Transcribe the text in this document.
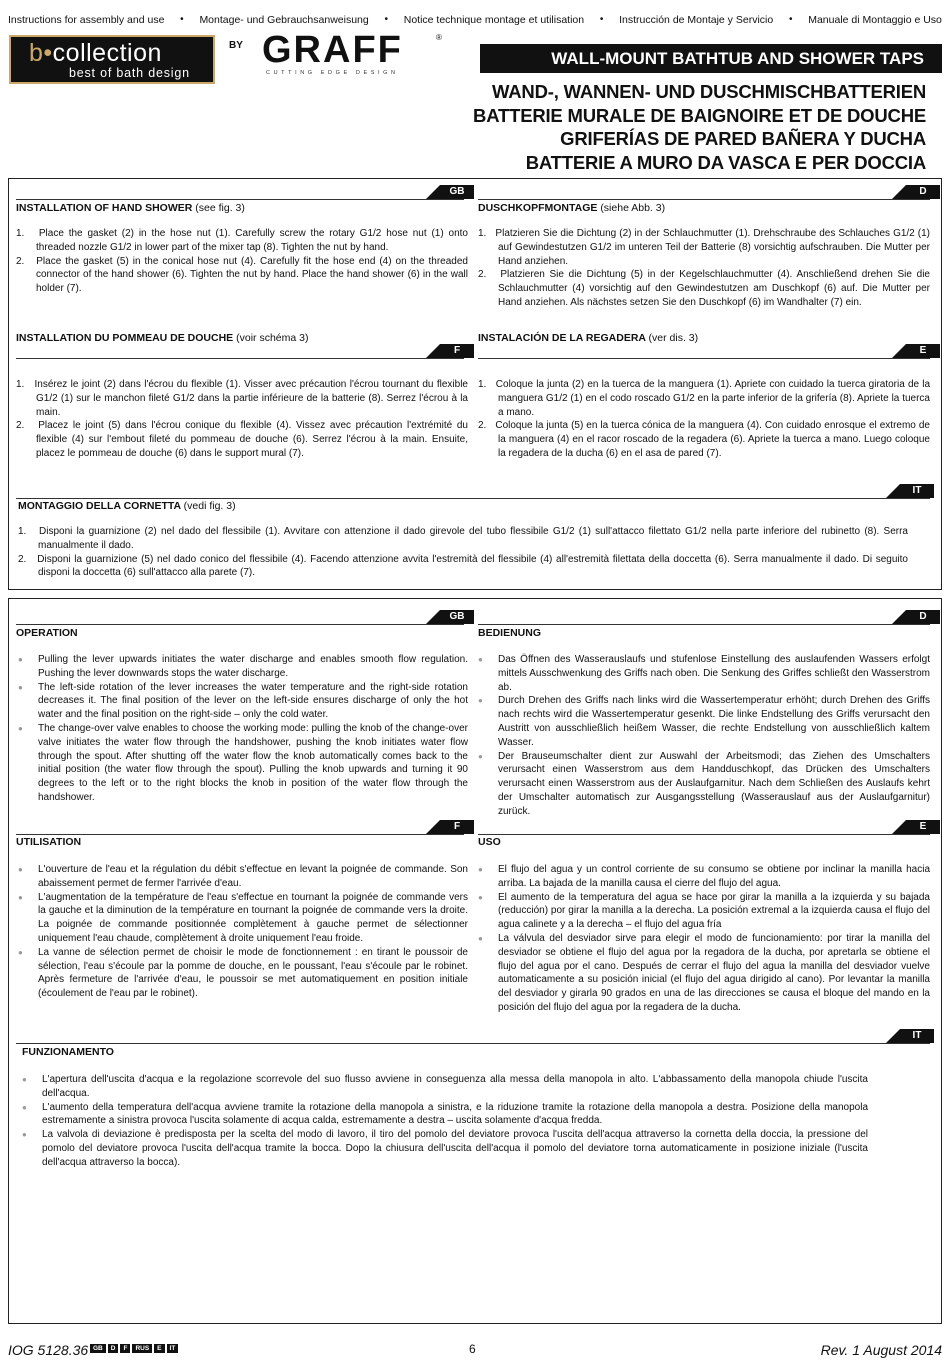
Instructions for assembly and use • Montage- und Gebrauchsanweisung • Notice technique montage et utilisation • Instrucción de Montaje y Servicio • Manuale di Montaggio e Uso
b•collection
best of bath design
BY GRAFF	®
CUTTING EDGE DESIGN
WALL-MOUNT BATHTUB AND SHOWER TAPS
WAND-, WANNEN- UND DUSCHMISCHBATTERIEN
BATTERIE MURALE DE BAIGNOIRE ET DE DOUCHE
GRIFERÍAS DE PARED BAÑERA Y DUCHA
BATTERIE A MURO DA VASCA E PER DOCCIA
GB
INSTALLATION OF HAND SHOWER (see fig. 3)

1.   Place the gasket (2) in the hose nut (1). Carefully screw the rotary G1/2 hose nut (1) onto threaded nozzle G1/2 in lower part of the mixer tap (8). Tighten the nut by hand.

2.   Place the gasket (5) in the conical hose nut (4). Carefully fit the hose end (4) on the threaded connector of the hand shower (6). Tighten the nut by hand. Place the hand shower (6) in the wall holder (7).

D
DUSCHKOPFMONTAGE (siehe Abb. 3)

1.   Platzieren Sie die Dichtung (2) in der Schlauchmutter (1). Drehschraube des Schlauches G1/2 (1) auf Gewindestutzen G1/2 im unteren Teil der Batterie (8) vorsichtig aufschrauben. Die Mutter per Hand anziehen.

2.   Platzieren Sie die Dichtung (5) in der Kegelschlauchmutter (4). Anschließend drehen Sie die Schlauchmutter (4) vorsichtig auf den Gewindestutzen am Duschkopf (6) auf. Die Mutter per Hand anziehen. Als nächstes setzen Sie den Duschkopf (6) im Wandhalter (7) ein.

F
INSTALLATION DU POMMEAU DE DOUCHE (voir schéma 3)

1.   Insérez le joint (2) dans l'écrou du flexible (1). Visser avec précaution l'écrou tournant du flexible G1/2 (1) sur le manchon fileté G1/2 dans la partie inférieure de la batterie (8). Serrez l'écrou à la main.

2.   Placez le joint (5) dans l'écrou conique du flexible (4). Vissez avec précaution l'extrémité du flexible (4) sur l'embout fileté du pommeau de douche (6). Serrez l'écrou à la main. Ensuite, placez le pommeau de douche (6) dans le support mural (7).

E
INSTALACIÓN DE LA REGADERA (ver dis. 3)

1.   Coloque la junta (2) en la tuerca de la manguera (1). Apriete con cuidado la tuerca giratoria de la manguera G1/2 (1) en el codo roscado G1/2 en la parte inferior de la grifería (8). Apriete la tuerca a mano.

2.   Coloque la junta (5) en la tuerca cónica de la manguera (4). Con cuidado enrosque el extremo de la manguera (4) en el racor roscado de la regadera (6). Apriete la tuerca a mano. Luego coloque la regadera de la ducha (6) en el asa de pared (7).

IT
MONTAGGIO DELLA CORNETTA (vedi fig. 3)

1.   Disponi la guarnizione (2) nel dado del flessibile (1). Avvitare con attenzione il dado girevole del tubo flessibile G1/2 (1) sull'attacco filettato G1/2 nella parte inferiore del rubinetto (8). Serra manualmente il dado.

2.   Disponi la guarnizione (5) nel dado conico del flessibile (4). Facendo attenzione avvita l'estremità del flessibile (4) all'estremità filettata della doccetta (6). Serra manualmente il dado. Di seguito disponi la doccetta (6) sull'attacco alla parete (7).

GB
OPERATION

● Pulling the lever upwards initiates the water discharge and enables smooth flow regulation. Pushing the lever downwards stops the water discharge.

● The left-side rotation of the lever increases the water temperature and the right-side rotation decreases it. The final position of the lever on the left-side ensures discharge of only the hot water and the final position on the right-side – only the cold water.

● The change-over valve enables to choose the working mode: pulling the knob of the change-over valve initiates the water flow through the handshower, pushing the knob initiates water flow through the spout. After shutting off the water flow the knob automatically comes back to the initial position (the water flow through the spout). Pulling the knob upwards and turning it 90 degrees to the left or to the right blocks the knob in position of the water flow through the handshower.

D
BEDIENUNG

● Das Öffnen des Wasserauslaufs und stufenlose Einstellung des auslaufenden Wassers erfolgt mittels Ausschwenkung des Griffs nach oben. Die Senkung des Griffes schließt den Wasserstrom ab.

● Durch Drehen des Griffs nach links wird die Wassertemperatur erhöht; durch Drehen des Griffs nach rechts wird die Wassertemperatur gesenkt. Die linke Endstellung des Griffs verursacht den Austritt von ausschließlich heißem Wasser, die rechte Endstellung von ausschließlich kaltem Wasser.

● Der Brauseumschalter dient zur Auswahl der Arbeitsmodi; das Ziehen des Umschalters verursacht einen Wasserstrom aus dem Handduschkopf, das Drücken des Umschalters verursacht einen Wasserstrom aus der Auslaufgarnitur. Nach dem Schließen des Auslaufs kehrt der Umschalter automatisch zur Ausgangsstellung (Wasserauslauf aus der Auslaufgarnitur) zurück.

F
UTILISATION

● L'ouverture de l'eau et la régulation du débit s'effectue en levant la poignée de commande. Son abaissement permet de fermer l'arrivée d'eau.

● L'augmentation de la température de l'eau s'effectue en tournant la poignée de commande vers la gauche et la diminution de la température en tournant la poignée de commande vers la droite. La poignée de commande positionnée complètement à gauche permet de sélectionner uniquement l'eau chaude, complètement à droite uniquement l'eau froide.

● La vanne de sélection permet de choisir le mode de fonctionnement : en tirant le poussoir de sélection, l'eau s'écoule par la pomme de douche, en le poussant, l'eau s'écoule par le robinet. Après fermeture de l'arrivée d'eau, le poussoir se met automatiquement en position initiale (écoulement de l'eau par le robinet).

E
USO

● El flujo del agua y un control corriente de su consumo se obtiene por inclinar la manilla hacia arriba. La bajada de la manilla causa el cierre del flujo del agua.

● El aumento de la temperatura del agua se hace por girar la manilla a la izquierda y su bajada (reducción) por girar la manilla a la derecha. La posición extremal a la izquierda causa el flujo del agua calinete y a la derecha – el flujo del agua fría

● La válvula del desviador sirve para elegir el modo de funcionamiento: por tirar la manilla del desviador se obtiene el flujo del agua por la regadora de la ducha, por apretarla se obtiene el flujo del agua por el cano. Después de cerrar el flujo del agua la manilla del desviador vuelve automaticamente a su posición inicial (el flujo del agua dirigido al cano). Por levantar la manilla del desviador y girarla 90 grados en una de las direcciones se causa el bloque del mando en la posición del flujo del agua por la regadera de la ducha.

IT
FUNZIONAMENTO

● L'apertura dell'uscita d'acqua e la regolazione scorrevole del suo flusso avviene in conseguenza alla messa della manopola in alto. L'abbassamento della manopola chiude l'uscita dell'acqua.

● L'aumento della temperatura dell'acqua avviene tramite la rotazione della manopola a sinistra, e la riduzione tramite la rotazione della manopola a destra. Posizione della manopola estremamente a sinistra provoca l'uscita solamente di acqua calda, estremamente a destra – uscita solamente d'acqua fredda.

● La valvola di deviazione è predisposta per la scelta del modo di lavoro, il tiro del pomolo del deviatore provoca l'uscita dell'acqua attraverso la cornetta della doccia, la pressione del pomolo del deviatore provoca l'uscita dell'acqua tramite la bocca. Dopo la chiusura dell'uscita dell'acqua il pomolo del deviatore torna automaticamente in posizione iniziale (l'uscita dell'acqua attraverso la bocca).

IOG 5128.36 GB	D	F	RUS	E	IT	6	Rev. 1 August 2014
